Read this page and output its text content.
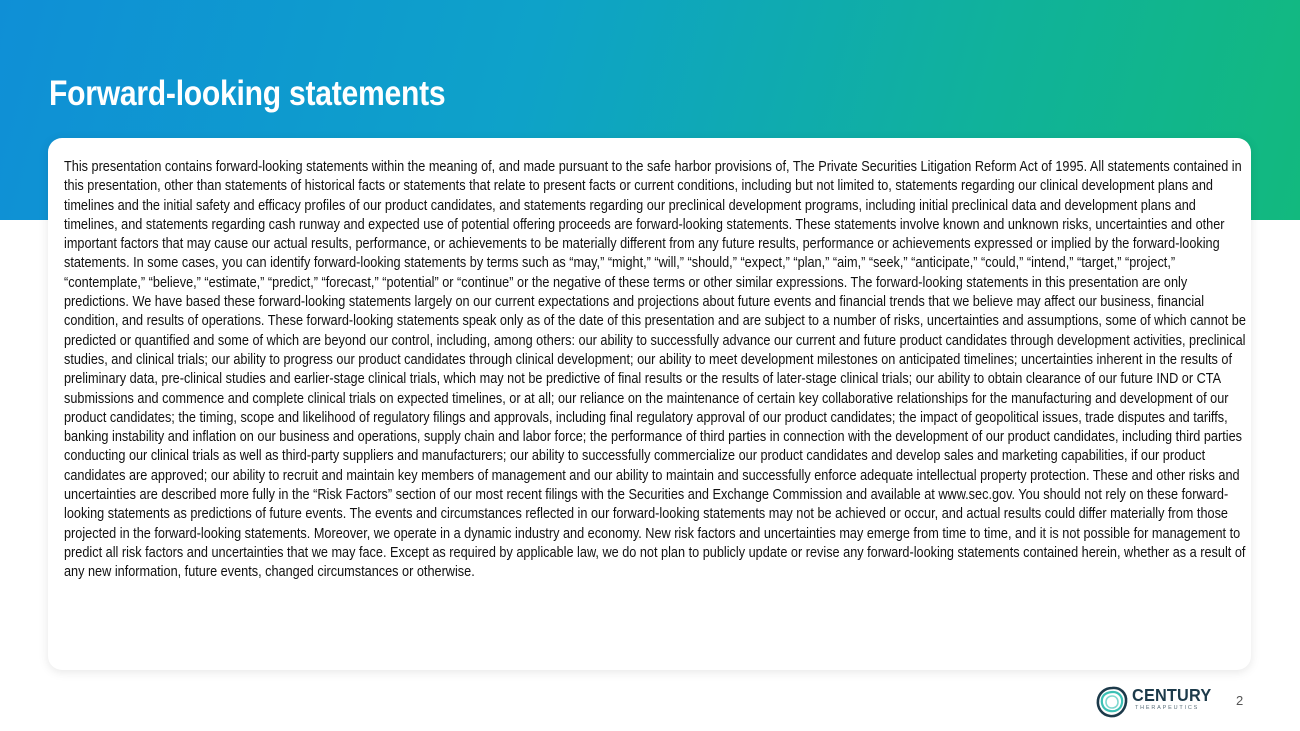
Forward-looking statements

This presentation contains forward-looking statements within the meaning of, and made pursuant to the safe harbor provisions of, The Private Securities Litigation Reform Act of 1995. All statements contained in this presentation, other than statements of historical facts or statements that relate to present facts or current conditions, including but not limited to, statements regarding our clinical development plans and timelines and the initial safety and efficacy profiles of our product candidates, and statements regarding our preclinical development programs, including initial preclinical data and development plans and timelines, and statements regarding cash runway and expected use of potential offering proceeds are forward-looking statements. These statements involve known and unknown risks, uncertainties and other important factors that may cause our actual results, performance, or achievements to be materially different from any future results, performance or achievements expressed or implied by the forward-looking statements. In some cases, you can identify forward-looking statements by terms such as “may,” “might,” “will,” “should,” “expect,” “plan,” “aim,” “seek,” “anticipate,” “could,” “intend,” “target,” “project,” “contemplate,” “believe,” “estimate,” “predict,” “forecast,” “potential” or “continue” or the negative of these terms or other similar expressions. The forward-looking statements in this presentation are only predictions. We have based these forward-looking statements largely on our current expectations and projections about future events and financial trends that we believe may affect our business, financial condition, and results of operations. These forward-looking statements speak only as of the date of this presentation and are subject to a number of risks, uncertainties and assumptions, some of which cannot be predicted or quantified and some of which are beyond our control, including, among others: our ability to successfully advance our current and future product candidates through development activities, preclinical studies, and clinical trials; our ability to progress our product candidates through clinical development; our ability to meet development milestones on anticipated timelines; uncertainties inherent in the results of preliminary data, pre-clinical studies and earlier-stage clinical trials, which may not be predictive of final results or the results of later-stage clinical trials; our ability to obtain clearance of our future IND or CTA submissions and commence and complete clinical trials on expected timelines, or at all; our reliance on the maintenance of certain key collaborative relationships for the manufacturing and development of our product candidates; the timing, scope and likelihood of regulatory filings and approvals, including final regulatory approval of our product candidates; the impact of geopolitical issues, trade disputes and tariffs, banking instability and inflation on our business and operations, supply chain and labor force; the performance of third parties in connection with the development of our product candidates, including third parties conducting our clinical trials as well as third-party suppliers and manufacturers; our ability to successfully commercialize our product candidates and develop sales and marketing capabilities, if our product candidates are approved; our ability to recruit and maintain key members of management and our ability to maintain and successfully enforce adequate intellectual property protection. These and other risks and uncertainties are described more fully in the “Risk Factors” section of our most recent filings with the Securities and Exchange Commission and available at www.sec.gov. You should not rely on these forward-looking statements as predictions of future events. The events and circumstances reflected in our forward-looking statements may not be achieved or occur, and actual results could differ materially from those projected in the forward-looking statements. Moreover, we operate in a dynamic industry and economy. New risk factors and uncertainties may emerge from time to time, and it is not possible for management to predict all risk factors and uncertainties that we may face. Except as required by applicable law, we do not plan to publicly update or revise any forward-looking statements contained herein, whether as a result of any new information, future events, changed circumstances or otherwise.

CENTURY
THERAPEUTICS	2
